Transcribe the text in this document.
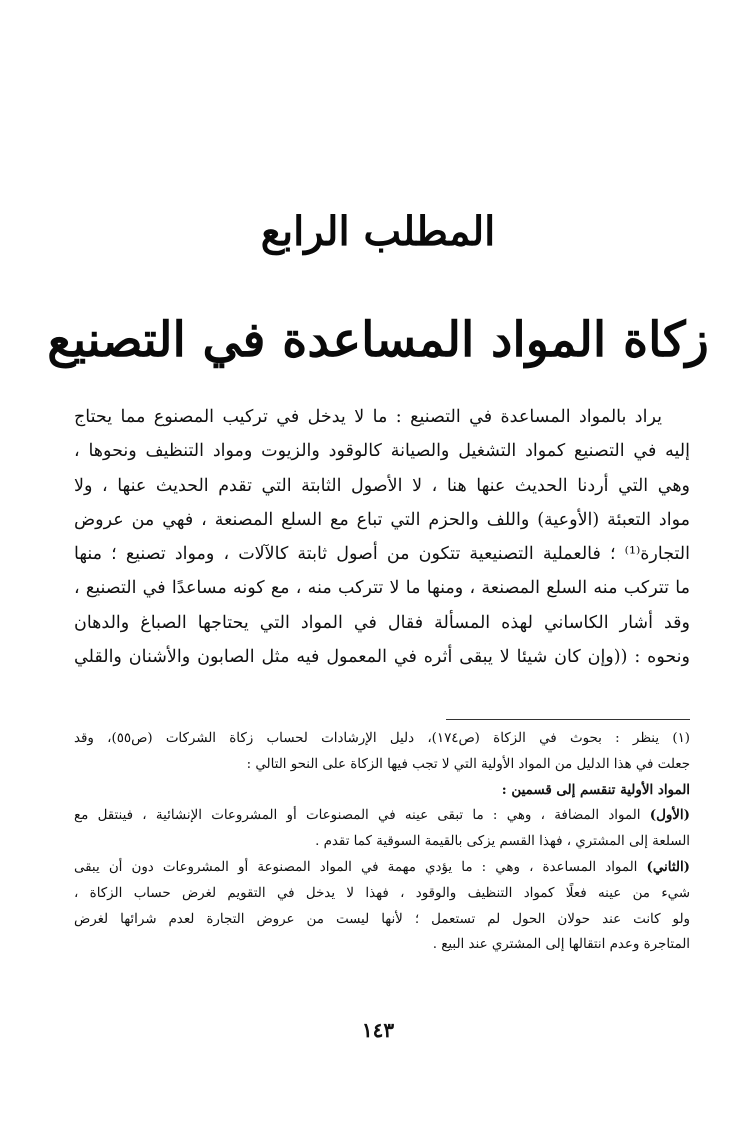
المطلب الرابع
زكاة المواد المساعدة في التصنيع
يراد بالمواد المساعدة في التصنيع : ما لا يدخل في تركيب المصنوع مما يحتاج
إليه في التصنيع كمواد التشغيل والصيانة كالوقود والزيوت ومواد التنظيف ونحوها ،
وهي التي أردنا الحديث عنها هنا ، لا الأصول الثابتة التي تقدم الحديث عنها ، ولا
مواد التعبئة (الأوعية) واللف والحزم التي تباع مع السلع المصنعة ، فهي من عروض
التجارة⁽¹⁾ ؛ فالعملية التصنيعية تتكون من أصول ثابتة كالآلات ، ومواد تصنيع ؛ منها
ما تتركب منه السلع المصنعة ، ومنها ما لا تتركب منه ، مع كونه مساعدًا في التصنيع ،
وقد أشار الكاساني لهذه المسألة فقال في المواد التي يحتاجها الصباغ والدهان
ونحوه : ((وإن كان شيئا لا يبقى أثره في المعمول فيه مثل الصابون والأشنان والقلي
(١) ينظر : بحوث في الزكاة (ص١٧٤)، دليل الإرشادات لحساب زكاة الشركات (ص٥٥)، وقد
جعلت في هذا الدليل من المواد الأولية التي لا تجب فيها الزكاة على النحو التالي :
المواد الأولية تنقسم إلى قسمين :
(الأول) المواد المضافة ، وهي : ما تبقى عينه في المصنوعات أو المشروعات الإنشائية ، فينتقل مع
السلعة إلى المشتري ، فهذا القسم يزكى بالقيمة السوقية كما تقدم .
(الثاني) المواد المساعدة ، وهي : ما يؤدي مهمة في المواد المصنوعة أو المشروعات دون أن يبقى
شيء من عينه فعلًا كمواد التنظيف والوقود ، فهذا لا يدخل في التقويم لغرض حساب الزكاة ،
ولو كانت عند حولان الحول لم تستعمل ؛ لأنها ليست من عروض التجارة لعدم شرائها لغرض
المتاجرة وعدم انتقالها إلى المشتري عند البيع .
١٤٣
